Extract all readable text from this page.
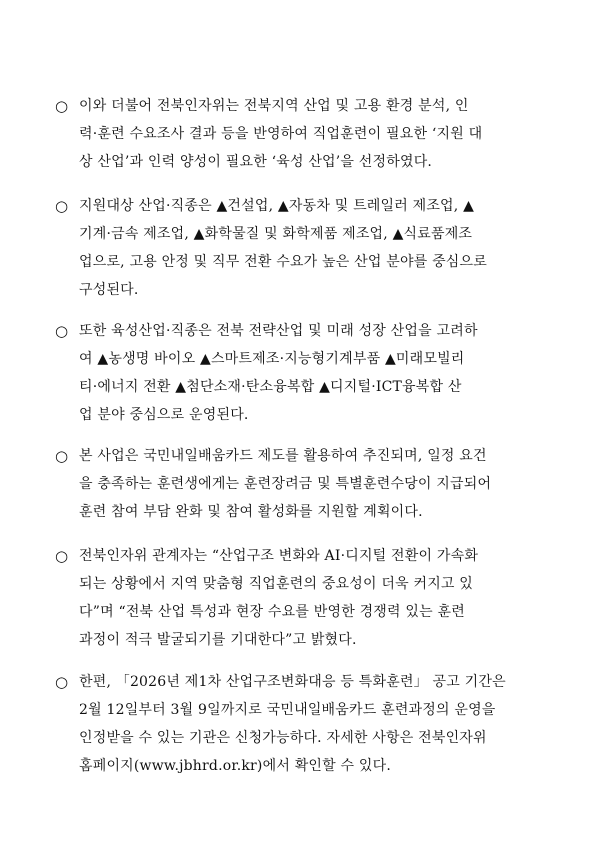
○ 이와 더불어 전북인자위는 전북지역 산업 및 고용 환경 분석, 인
력·훈련 수요조사 결과 등을 반영하여 직업훈련이 필요한 ‘지원 대
상 산업’과 인력 양성이 필요한 ‘육성 산업’을 선정하였다.
○ 지원대상 산업·직종은 ▲건설업, ▲자동차 및 트레일러 제조업, ▲
기계·금속 제조업, ▲화학물질 및 화학제품 제조업, ▲식료품제조
업으로, 고용 안정 및 직무 전환 수요가 높은 산업 분야를 중심으로
구성된다.
○ 또한 육성산업·직종은 전북 전략산업 및 미래 성장 산업을 고려하
여 ▲농생명 바이오 ▲스마트제조·지능형기계부품 ▲미래모빌리
티·에너지 전환 ▲첨단소재·탄소융복합 ▲디지털·ICT융복합 산
업 분야 중심으로 운영된다.
○ 본 사업은 국민내일배움카드 제도를 활용하여 추진되며, 일정 요건
을 충족하는 훈련생에게는 훈련장려금 및 특별훈련수당이 지급되어
훈련 참여 부담 완화 및 참여 활성화를 지원할 계획이다.
○ 전북인자위 관계자는 “산업구조 변화와 AI·디지털 전환이 가속화
되는 상황에서 지역 맞춤형 직업훈련의 중요성이 더욱 커지고 있
다”며 “전북 산업 특성과 현장 수요를 반영한 경쟁력 있는 훈련
과정이 적극 발굴되기를 기대한다”고 밝혔다.
○ 한편, 「2026년 제1차 산업구조변화대응 등 특화훈련」 공고 기간은
2월 12일부터 3월 9일까지로 국민내일배움카드 훈련과정의 운영을
인정받을 수 있는 기관은 신청가능하다. 자세한 사항은 전북인자위
홈페이지(www.jbhrd.or.kr)에서 확인할 수 있다.
